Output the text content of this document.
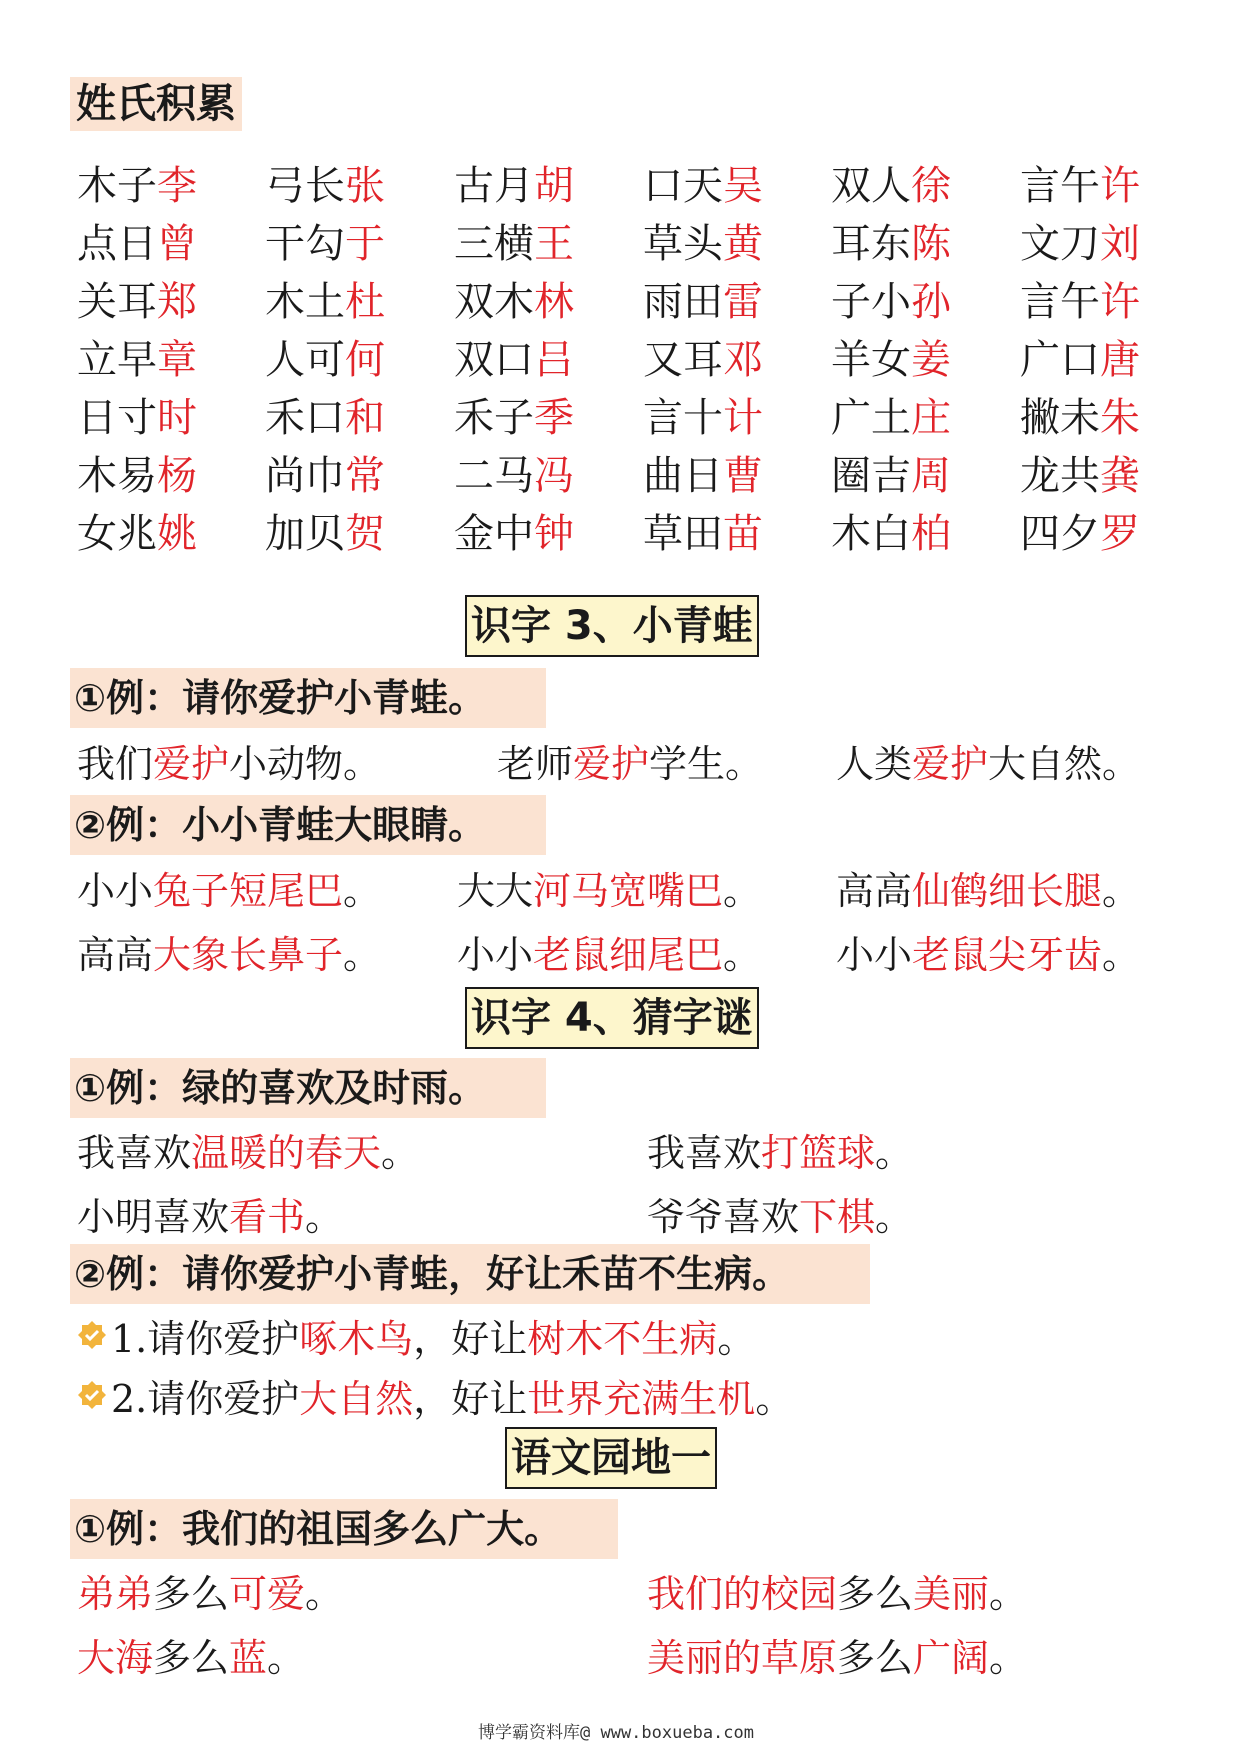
姓氏积累
木子李 弓长张 古月胡 口天吴 双人徐 言午许
点日曾 干勾于 三横王 草头黄 耳东陈 文刀刘
关耳郑 木土杜 双木林 雨田雷 子小孙 言午许
立早章 人可何 双口吕 又耳邓 羊女姜 广口唐
日寸时 禾口和 禾子季 言十计 广土庄 撇未朱
木易杨 尚巾常 二马冯 曲日曹 圈吉周 龙共龚
女兆姚 加贝贺 金中钟 草田苗 木白柏 四夕罗
识字 3、小青蛙
①例：请你爱护小青蛙。
我们爱护小动物。	老师爱护学生。 人类爱护大自然。
②例：小小青蛙大眼睛。
小小兔子短尾巴。 大大河马宽嘴巴。 高高仙鹤细长腿。
高高大象长鼻子。 小小老鼠细尾巴。 小小老鼠尖牙齿。
识字 4、猜字谜
①例：绿的喜欢及时雨。
我喜欢温暖的春天。	我喜欢打篮球。
小明喜欢看书。	爷爷喜欢下棋。
②例：请你爱护小青蛙，好让禾苗不生病。
1.请你爱护啄木鸟，好让树木不生病。
2.请你爱护大自然，好让世界充满生机。
语文园地一
①例：我们的祖国多么广大。
弟弟多么可爱。	我们的校园多么美丽。
大海多么蓝。	美丽的草原多么广阔。
博学霸资料库@ www.boxueba.com
